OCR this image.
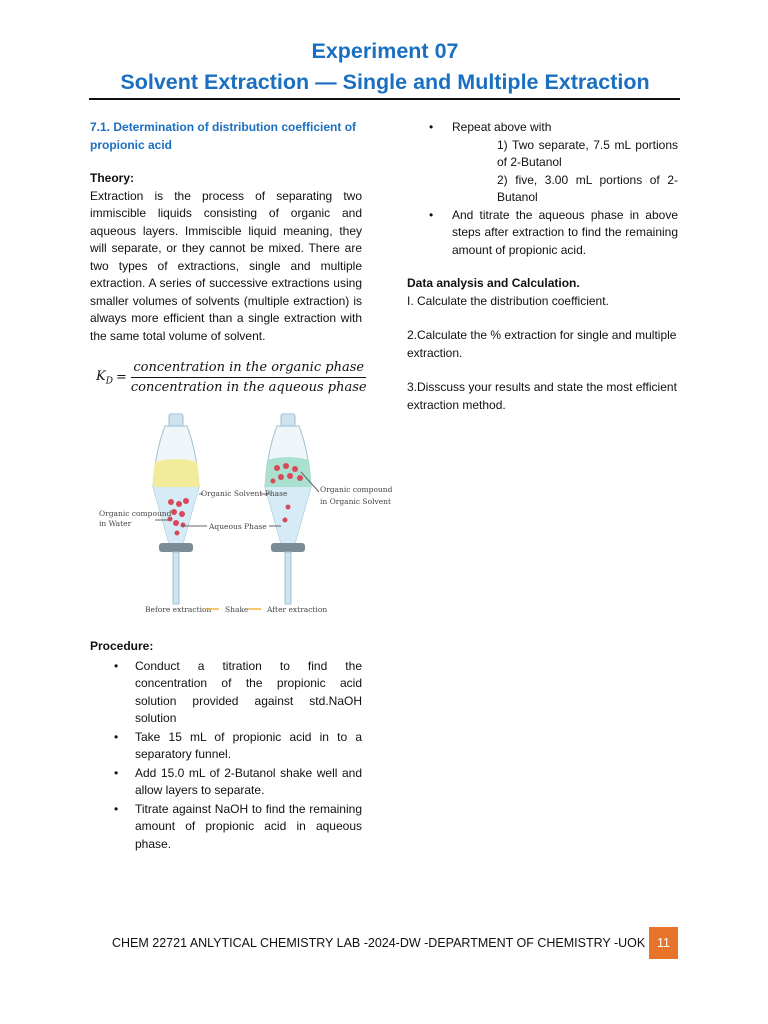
Experiment 07
Solvent Extraction — Single and Multiple Extraction

7.1. Determination of distribution coefficient of propionic acid

Theory:

Extraction is the process of separating two immiscible liquids consisting of organic and aqueous layers. Immiscible liquid meaning, they will separate, or they cannot be mixed. There are two types of extractions, single and multiple extraction. A series of successive extractions using smaller volumes of solvents (multiple extraction) is always more efficient than a single extraction with the same total volume of solvent.

$K_D = \frac{\text{concentration in the organic phase}}{\text{concentration in the aqueous phase}}$
Organic Solvent Phase
Aqueous Phase
Organic compound
in Water
Organic compound
in Organic Solvent
Before extraction Shake After extraction

Procedure:

• Conduct a titration to find the concentration of the propionic acid solution provided against std.NaOH solution
• Take 15 mL of propionic acid in to a separatory funnel.
• Add 15.0 mL of 2-Butanol shake well and allow layers to separate.
• Titrate against NaOH to find the remaining amount of propionic acid in aqueous phase.
• Repeat above with
1) Two separate, 7.5 mL portions of 2-Butanol
2) five, 3.00 mL portions of 2-Butanol
• And titrate the aqueous phase in above steps after extraction to find the remaining amount of propionic acid.

Data analysis and Calculation.

I. Calculate the distribution coefficient.

2.Calculate the % extraction for single and multiple extraction.

3.Disscuss your results and state the most efficient extraction method.

CHEM 22721 ANLYTICAL CHEMISTRY LAB -2024-DW -DEPARTMENT OF CHEMISTRY -UOK 11
